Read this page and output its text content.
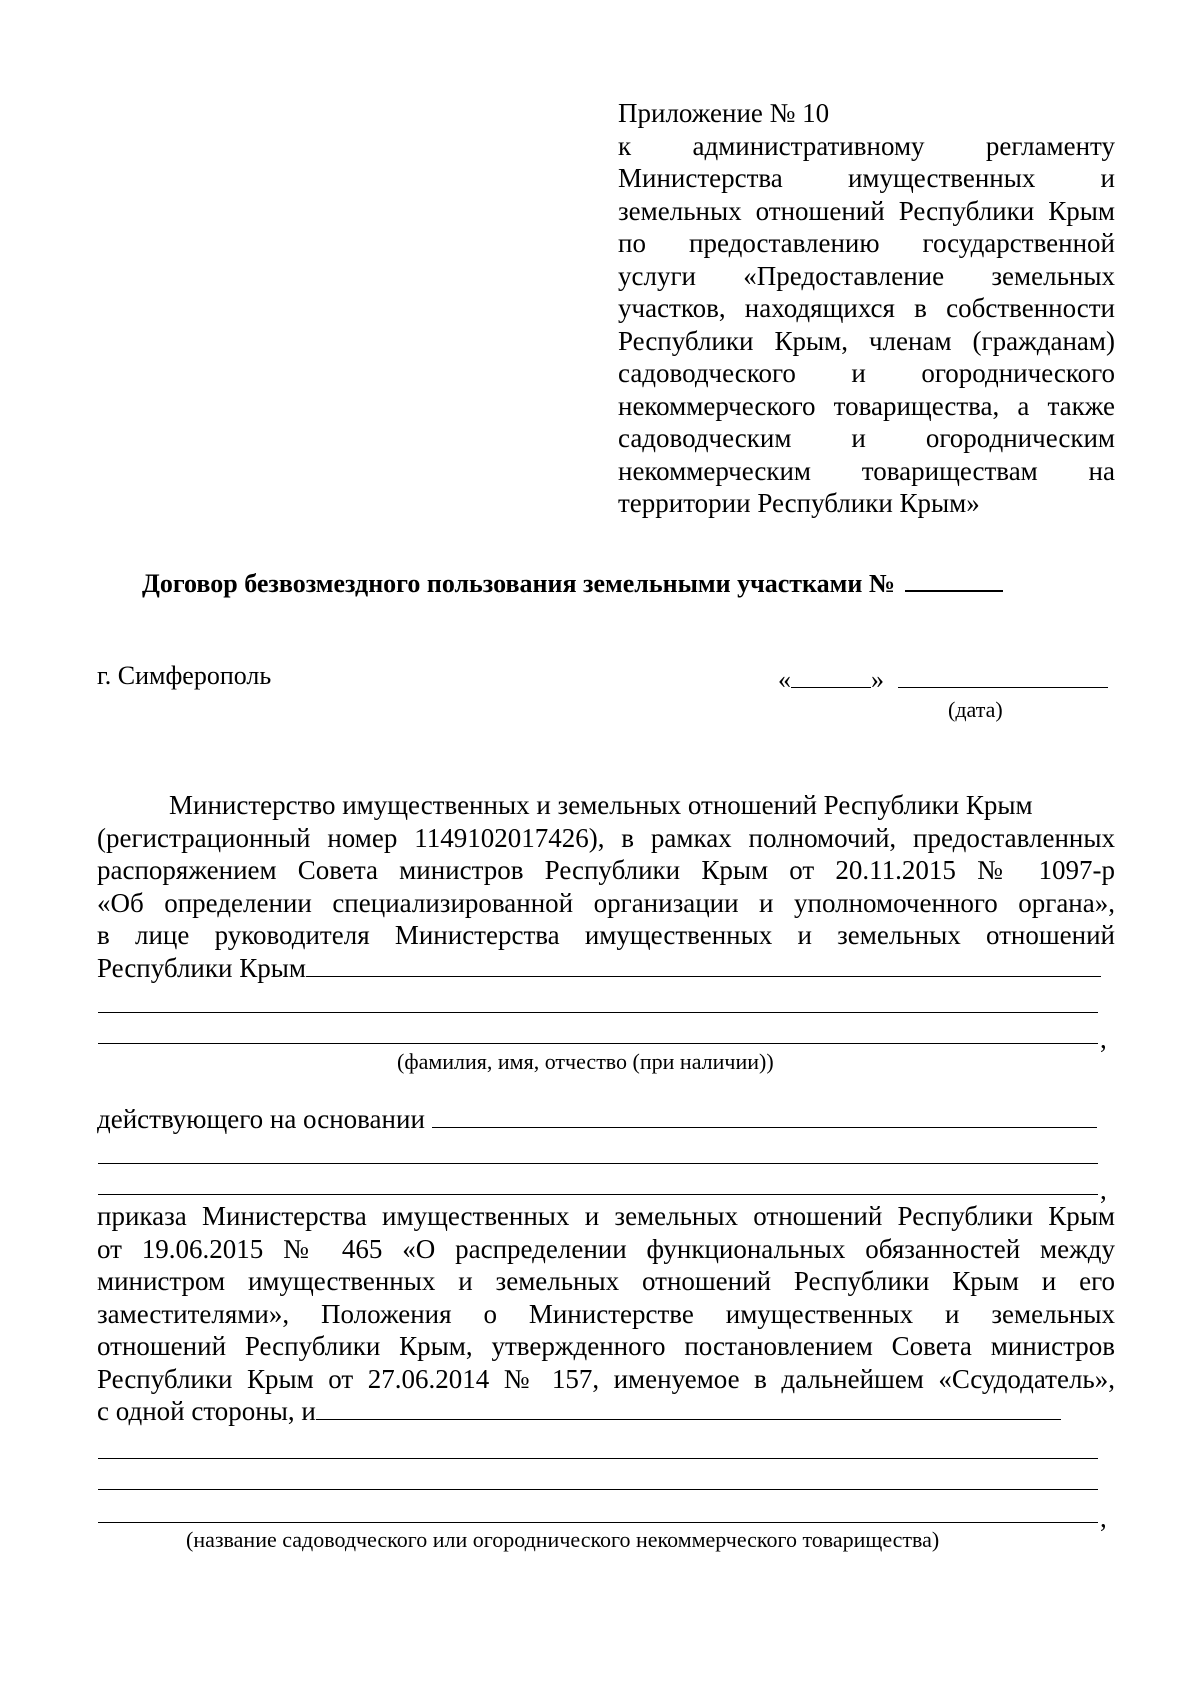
Приложение № 10
к административному регламенту
Министерства имущественных и
земельных отношений Республики Крым
по предоставлению государственной
услуги «Предоставление земельных
участков, находящихся в собственности
Республики Крым, членам (гражданам)
садоводческого и огороднического
некоммерческого товарищества, а также
садоводческим и огородническим
некоммерческим товариществам на
территории Республики Крым»
Договор безвозмездного пользования земельными участками №
г. Симферополь	«	»
(дата)
Министерство имущественных и земельных отношений Республики Крым
(регистрационный номер 1149102017426), в рамках полномочий, предоставленных
распоряжением Совета министров Республики Крым от 20.11.2015 № 1097-р
«Об определении специализированной организации и уполномоченного органа»,
в лице руководителя Министерства имущественных и земельных отношений
Республики Крым
,
(фамилия, имя, отчество (при наличии))
действующего на основании
,
приказа Министерства имущественных и земельных отношений Республики Крым
от 19.06.2015 № 465 «О распределении функциональных обязанностей между
министром имущественных и земельных отношений Республики Крым и его
заместителями», Положения о Министерстве имущественных и земельных
отношений Республики Крым, утвержденного постановлением Совета министров
Республики Крым от 27.06.2014 № 157, именуемое в дальнейшем «Ссудодатель»,
с одной стороны, и
,
(название садоводческого или огороднического некоммерческого товарищества)
